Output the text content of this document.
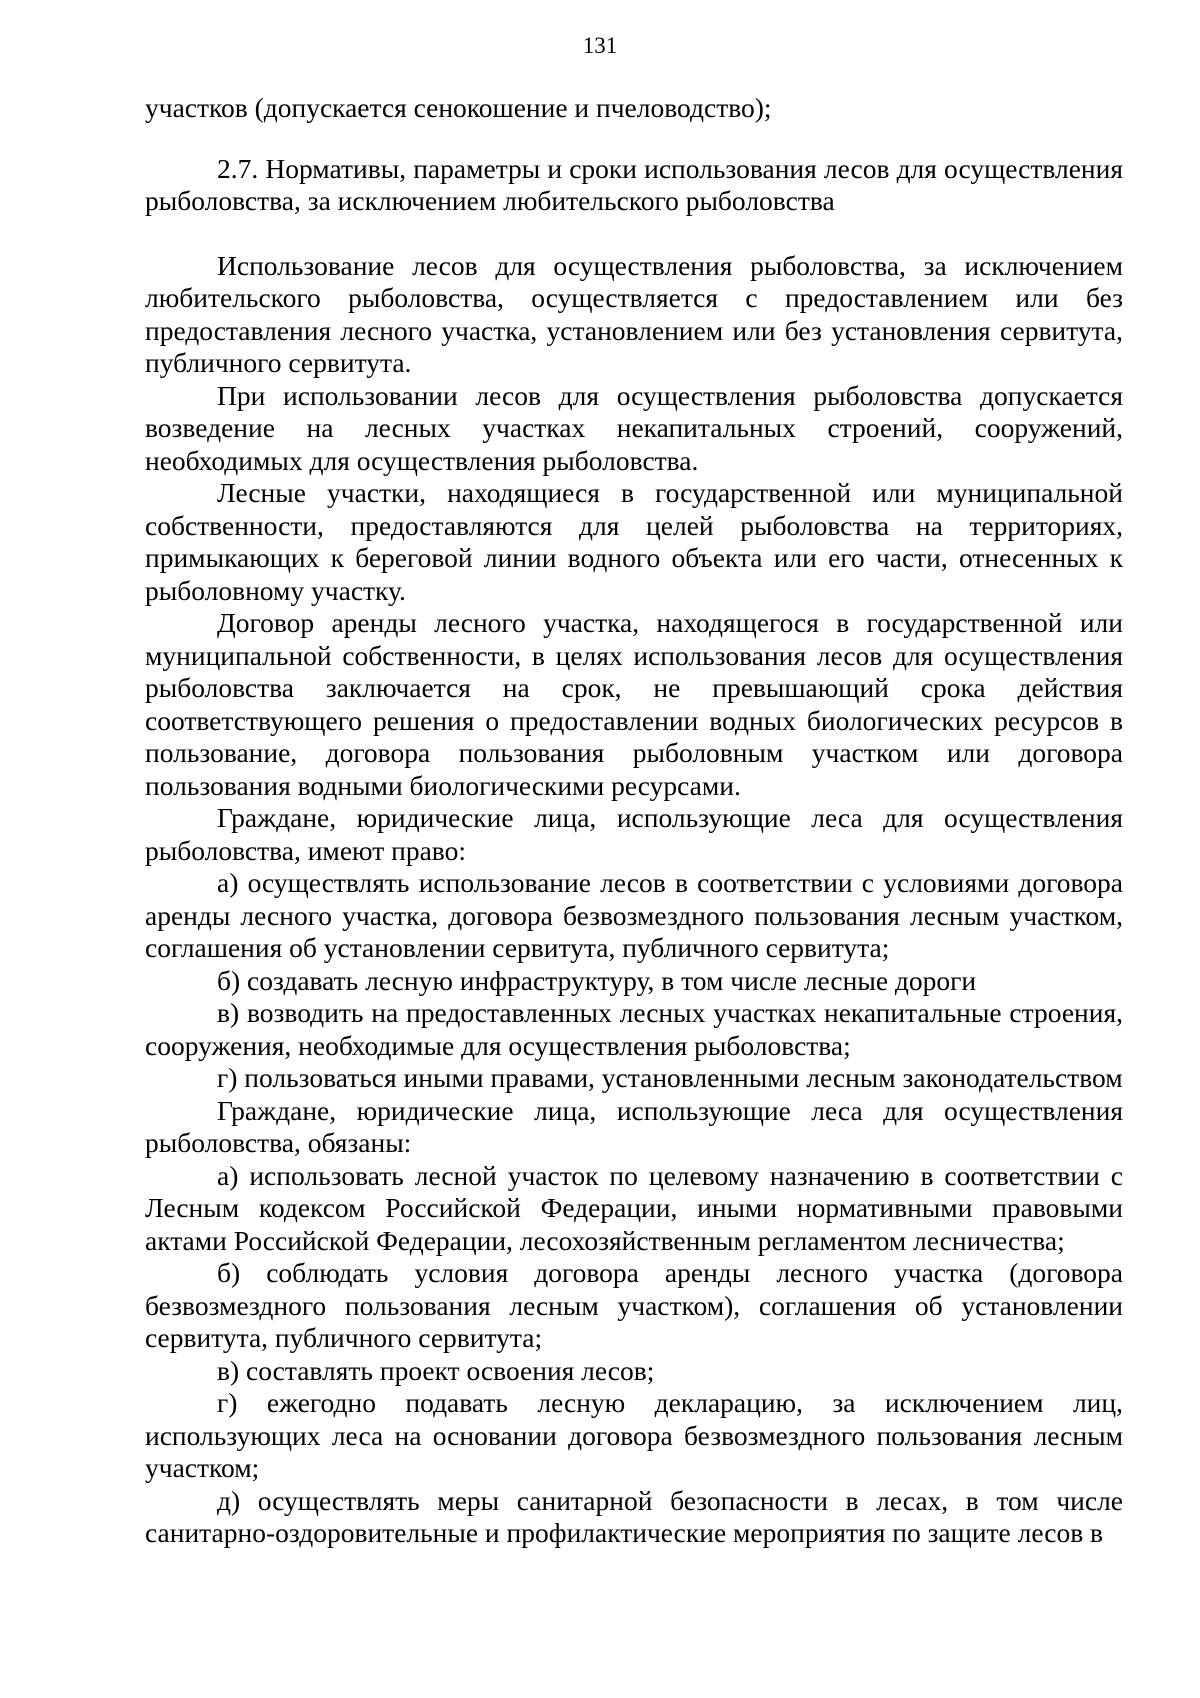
131

участков (допускается сенокошение и пчеловодство);

2.7. Нормативы, параметры и сроки использования лесов для осуществления рыболовства, за исключением любительского рыболовства

Использование лесов для осуществления рыболовства, за исключением любительского рыболовства, осуществляется с предоставлением или без предоставления лесного участка, установлением или без установления сервитута, публичного сервитута.

При использовании лесов для осуществления рыболовства допускается возведение на лесных участках некапитальных строений, сооружений, необходимых для осуществления рыболовства.

Лесные участки, находящиеся в государственной или муниципальной собственности, предоставляются для целей рыболовства на территориях, примыкающих к береговой линии водного объекта или его части, отнесенных к рыболовному участку.

Договор аренды лесного участка, находящегося в государственной или муниципальной собственности, в целях использования лесов для осуществления рыболовства заключается на срок, не превышающий срока действия соответствующего решения о предоставлении водных биологических ресурсов в пользование, договора пользования рыболовным участком или договора пользования водными биологическими ресурсами.

Граждане, юридические лица, использующие леса для осуществления рыболовства, имеют право:

а) осуществлять использование лесов в соответствии с условиями договора аренды лесного участка, договора безвозмездного пользования лесным участком, соглашения об установлении сервитута, публичного сервитута;

б) создавать лесную инфраструктуру, в том числе лесные дороги

в) возводить на предоставленных лесных участках некапитальные строения, сооружения, необходимые для осуществления рыболовства;

г) пользоваться иными правами, установленными лесным законодательством

Граждане, юридические лица, использующие леса для осуществления рыболовства, обязаны:

а) использовать лесной участок по целевому назначению в соответствии с Лесным кодексом Российской Федерации, иными нормативными правовыми актами Российской Федерации, лесохозяйственным регламентом лесничества;

б) соблюдать условия договора аренды лесного участка (договора безвозмездного пользования лесным участком), соглашения об установлении сервитута, публичного сервитута;

в) составлять проект освоения лесов;

г) ежегодно подавать лесную декларацию, за исключением лиц, использующих леса на основании договора безвозмездного пользования лесным участком;

д) осуществлять меры санитарной безопасности в лесах, в том числе санитарно-оздоровительные и профилактические мероприятия по защите лесов в
